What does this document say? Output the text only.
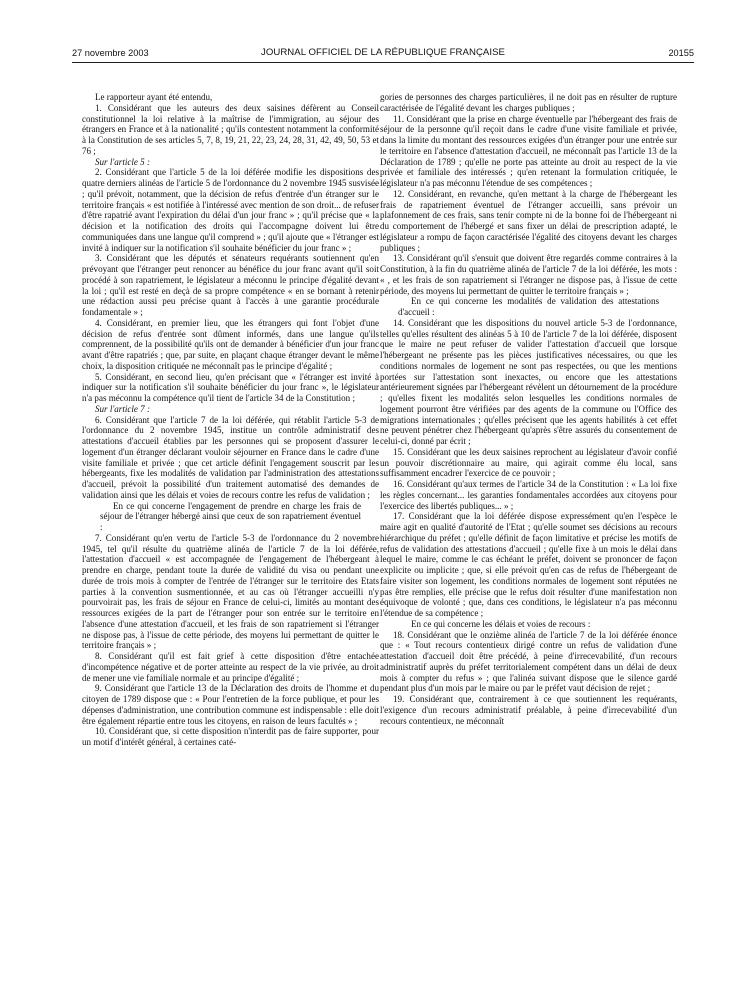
27 novembre 2003	JOURNAL OFFICIEL DE LA RÉPUBLIQUE FRANÇAISE	20155

Le rapporteur ayant été entendu,

1. Considérant que les auteurs des deux saisines défèrent au Conseil constitutionnel la loi relative à la maîtrise de l'immigration, au séjour des étrangers en France et à la nationalité ; qu'ils contestent notamment la conformité à la Constitution de ses articles 5, 7, 8, 19, 21, 22, 23, 24, 28, 31, 42, 49, 50, 53 et 76 ;

Sur l'article 5 :

2. Considérant que l'article 5 de la loi déférée modifie les dispositions des quatre derniers alinéas de l'article 5 de l'ordonnance du 2 novembre 1945 susvisée ; qu'il prévoit, notamment, que la décision de refus d'entrée d'un étranger sur le territoire français « est notifiée à l'intéressé avec mention de son droit... de refuser d'être rapatrié avant l'expiration du délai d'un jour franc » ; qu'il précise que « la décision et la notification des droits qui l'accompagne doivent lui être communiquées dans une langue qu'il comprend » ; qu'il ajoute que « l'étranger est invité à indiquer sur la notification s'il souhaite bénéficier du jour franc » ;

3. Considérant que les députés et sénateurs requérants soutiennent qu'en prévoyant que l'étranger peut renoncer au bénéfice du jour franc avant qu'il soit procédé à son rapatriement, le législateur a méconnu le principe d'égalité devant la loi ; qu'il est resté en deçà de sa propre compétence « en se bornant à retenir une rédaction aussi peu précise quant à l'accès à une garantie procédurale fondamentale » ;

4. Considérant, en premier lieu, que les étrangers qui font l'objet d'une décision de refus d'entrée sont dûment informés, dans une langue qu'ils comprennent, de la possibilité qu'ils ont de demander à bénéficier d'un jour franc avant d'être rapatriés ; que, par suite, en plaçant chaque étranger devant le même choix, la disposition critiquée ne méconnaît pas le principe d'égalité ;

5. Considérant, en second lieu, qu'en précisant que « l'étranger est invité à indiquer sur la notification s'il souhaite bénéficier du jour franc », le législateur n'a pas méconnu la compétence qu'il tient de l'article 34 de la Constitution ;

Sur l'article 7 :

6. Considérant que l'article 7 de la loi déférée, qui rétablit l'article 5-3 de l'ordonnance du 2 novembre 1945, institue un contrôle administratif des attestations d'accueil établies par les personnes qui se proposent d'assurer le logement d'un étranger déclarant vouloir séjourner en France dans le cadre d'une visite familiale et privée ; que cet article définit l'engagement souscrit par les hébergeants, fixe les modalités de validation par l'administration des attestations d'accueil, prévoit la possibilité d'un traitement automatisé des demandes de validation ainsi que les délais et voies de recours contre les refus de validation ;

En ce qui concerne l'engagement de prendre en charge les frais de séjour de l'étranger hébergé ainsi que ceux de son rapatriement éventuel :

7. Considérant qu'en vertu de l'article 5-3 de l'ordonnance du 2 novembre 1945, tel qu'il résulte du quatrième alinéa de l'article 7 de la loi déférée, l'attestation d'accueil « est accompagnée de l'engagement de l'hébergeant à prendre en charge, pendant toute la durée de validité du visa ou pendant une durée de trois mois à compter de l'entrée de l'étranger sur le territoire des Etats parties à la convention susmentionnée, et au cas où l'étranger accueilli n'y pourvoirait pas, les frais de séjour en France de celui-ci, limités au montant des ressources exigées de la part de l'étranger pour son entrée sur le territoire en l'absence d'une attestation d'accueil, et les frais de son rapatriement si l'étranger ne dispose pas, à l'issue de cette période, des moyens lui permettant de quitter le territoire français » ;

8. Considérant qu'il est fait grief à cette disposition d'être entachée d'incompétence négative et de porter atteinte au respect de la vie privée, au droit de mener une vie familiale normale et au principe d'égalité ;

9. Considérant que l'article 13 de la Déclaration des droits de l'homme et du citoyen de 1789 dispose que : « Pour l'entretien de la force publique, et pour les dépenses d'administration, une contribution commune est indispensable : elle doit être également répartie entre tous les citoyens, en raison de leurs facultés » ;

10. Considérant que, si cette disposition n'interdit pas de faire supporter, pour un motif d'intérêt général, à certaines caté-

gories de personnes des charges particulières, il ne doit pas en résulter de rupture caractérisée de l'égalité devant les charges publiques ;

11. Considérant que la prise en charge éventuelle par l'hébergeant des frais de séjour de la personne qu'il reçoit dans le cadre d'une visite familiale et privée, dans la limite du montant des ressources exigées d'un étranger pour une entrée sur le territoire en l'absence d'attestation d'accueil, ne méconnaît pas l'article 13 de la Déclaration de 1789 ; qu'elle ne porte pas atteinte au droit au respect de la vie privée et familiale des intéressés ; qu'en retenant la formulation critiquée, le législateur n'a pas méconnu l'étendue de ses compétences ;

12. Considérant, en revanche, qu'en mettant à la charge de l'hébergeant les frais de rapatriement éventuel de l'étranger accueilli, sans prévoir un plafonnement de ces frais, sans tenir compte ni de la bonne foi de l'hébergeant ni du comportement de l'hébergé et sans fixer un délai de prescription adapté, le législateur a rompu de façon caractérisée l'égalité des citoyens devant les charges publiques ;

13. Considérant qu'il s'ensuit que doivent être regardés comme contraires à la Constitution, à la fin du quatrième alinéa de l'article 7 de la loi déférée, les mots : « , et les frais de son rapatriement si l'étranger ne dispose pas, à l'issue de cette période, des moyens lui permettant de quitter le territoire français » ;

En ce qui concerne les modalités de validation des attestations d'accueil :

14. Considérant que les dispositions du nouvel article 5-3 de l'ordonnance, telles qu'elles résultent des alinéas 5 à 10 de l'article 7 de la loi déférée, disposent que le maire ne peut refuser de valider l'attestation d'accueil que lorsque l'hébergeant ne présente pas les pièces justificatives nécessaires, ou que les conditions normales de logement ne sont pas respectées, ou que les mentions portées sur l'attestation sont inexactes, ou encore que les attestations antérieurement signées par l'hébergeant révèlent un détournement de la procédure ; qu'elles fixent les modalités selon lesquelles les conditions normales de logement pourront être vérifiées par des agents de la commune ou l'Office des migrations internationales ; qu'elles précisent que les agents habilités à cet effet ne peuvent pénétrer chez l'hébergeant qu'après s'être assurés du consentement de celui-ci, donné par écrit ;

15. Considérant que les deux saisines reprochent au législateur d'avoir confié un pouvoir discrétionnaire au maire, qui agirait comme élu local, sans suffisamment encadrer l'exercice de ce pouvoir ;

16. Considérant qu'aux termes de l'article 34 de la Constitution : « La loi fixe les règles concernant... les garanties fondamentales accordées aux citoyens pour l'exercice des libertés publiques... » ;

17. Considérant que la loi déférée dispose expressément qu'en l'espèce le maire agit en qualité d'autorité de l'Etat ; qu'elle soumet ses décisions au recours hiérarchique du préfet ; qu'elle définit de façon limitative et précise les motifs de refus de validation des attestations d'accueil ; qu'elle fixe à un mois le délai dans lequel le maire, comme le cas échéant le préfet, doivent se prononcer de façon explicite ou implicite ; que, si elle prévoit qu'en cas de refus de l'hébergeant de faire visiter son logement, les conditions normales de logement sont réputées ne pas être remplies, elle précise que le refus doit résulter d'une manifestation non équivoque de volonté ; que, dans ces conditions, le législateur n'a pas méconnu l'étendue de sa compétence ;

En ce qui concerne les délais et voies de recours :

18. Considérant que le onzième alinéa de l'article 7 de la loi déférée énonce que : « Tout recours contentieux dirigé contre un refus de validation d'une attestation d'accueil doit être précédé, à peine d'irrecevabilité, d'un recours administratif auprès du préfet territorialement compétent dans un délai de deux mois à compter du refus » ; que l'alinéa suivant dispose que le silence gardé pendant plus d'un mois par le maire ou par le préfet vaut décision de rejet ;

19. Considérant que, contrairement à ce que soutiennent les requérants, l'exigence d'un recours administratif préalable, à peine d'irrecevabilité d'un recours contentieux, ne méconnaît
